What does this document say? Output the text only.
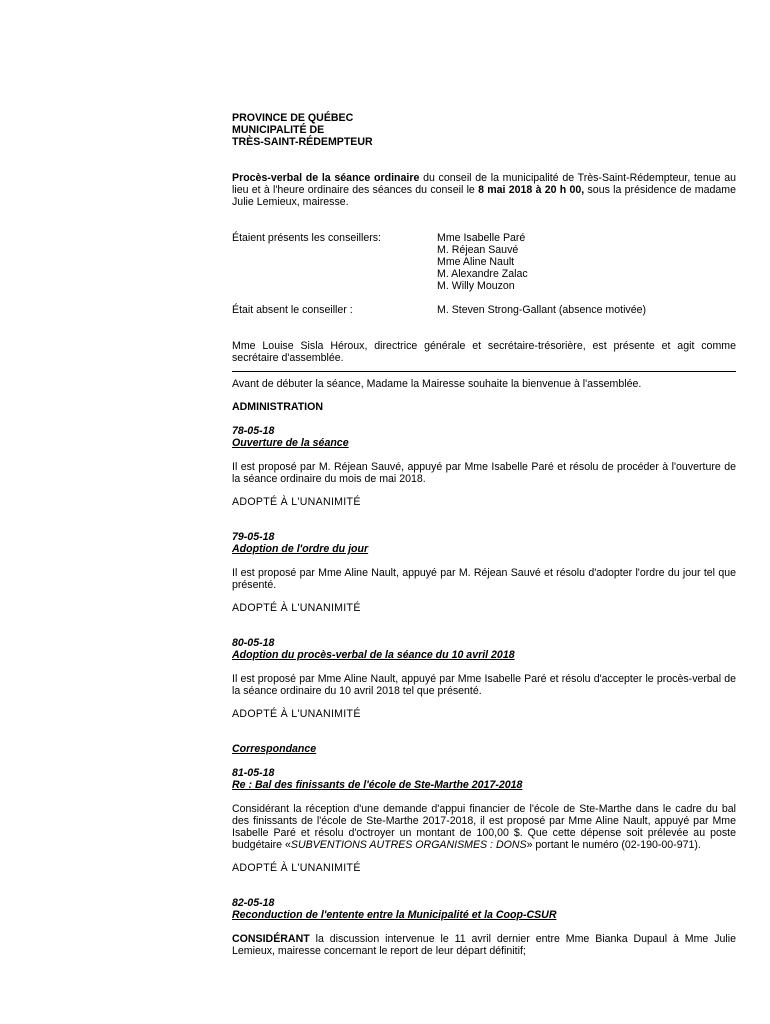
PROVINCE DE QUÉBEC
MUNICIPALITÉ DE
TRÈS-SAINT-RÉDEMPTEUR

Procès-verbal de la séance ordinaire du conseil de la municipalité de Très-Saint-Rédempteur, tenue au lieu et à l'heure ordinaire des séances du conseil le 8 mai 2018 à 20 h 00, sous la présidence de madame Julie Lemieux, mairesse.

Étaient présents les conseillers:	Mme Isabelle Paré
M. Réjean Sauvé
Mme Aline Nault
M. Alexandre Zalac
M. Willy Mouzon
Était absent le conseiller :	M. Steven Strong-Gallant (absence motivée)

Mme Louise Sisla Héroux, directrice générale et secrétaire-trésorière, est présente et agit comme secrétaire d'assemblée.

Avant de débuter la séance, Madame la Mairesse souhaite la bienvenue à l'assemblée.

ADMINISTRATION

78-05-18
Ouverture de la séance

Il est proposé par M. Réjean Sauvé, appuyé par Mme Isabelle Paré et résolu de procéder à l'ouverture de la séance ordinaire du mois de mai 2018.

ADOPTÉ À L'UNANIMITÉ

79-05-18
Adoption de l'ordre du jour

Il est proposé par Mme Aline Nault, appuyé par M. Réjean Sauvé et résolu d'adopter l'ordre du jour tel que présenté.

ADOPTÉ À L'UNANIMITÉ

80-05-18
Adoption du procès-verbal de la séance du 10 avril 2018

Il est proposé par Mme Aline Nault, appuyé par Mme Isabelle Paré et résolu d'accepter le procès-verbal de la séance ordinaire du 10 avril 2018 tel que présenté.

ADOPTÉ À L'UNANIMITÉ

Correspondance

81-05-18
Re : Bal des finissants de l'école de Ste-Marthe 2017-2018

Considérant la réception d'une demande d'appui financier de l'école de Ste-Marthe dans le cadre du bal des finissants de l'école de Ste-Marthe 2017-2018, il est proposé par Mme Aline Nault, appuyé par Mme Isabelle Paré et résolu d'octroyer un montant de 100,00 $. Que cette dépense soit prélevée au poste budgétaire «SUBVENTIONS AUTRES ORGANISMES : DONS» portant le numéro (02-190-00-971).

ADOPTÉ À L'UNANIMITÉ

82-05-18
Reconduction de l'entente entre la Municipalité et la Coop-CSUR

CONSIDÉRANT la discussion intervenue le 11 avril dernier entre Mme Bianka Dupaul à Mme Julie Lemieux, mairesse concernant le report de leur départ définitif;
